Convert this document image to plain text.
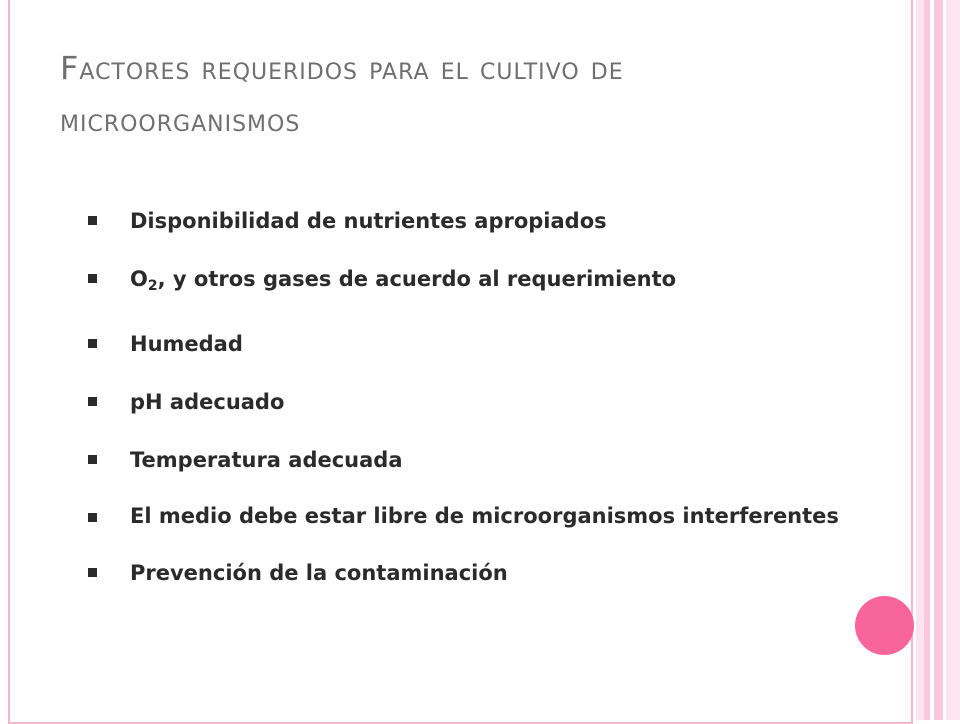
Factores requeridos para el cultivo de microorganismos
Disponibilidad de nutrientes apropiados
$O_2$, y otros gases de acuerdo al requerimiento
Humedad
pH adecuado
Temperatura adecuada
El medio debe estar libre de microorganismos interferentes
Prevención de la contaminación
